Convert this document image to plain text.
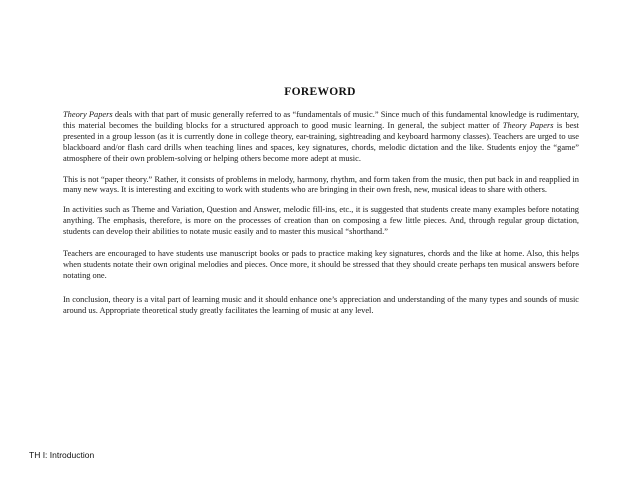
FOREWORD

Theory Papers deals with that part of music generally referred to as “fundamentals of music.” Since much of this fundamental knowledge is rudimentary, this material becomes the building blocks for a structured approach to good music learning. In general, the subject matter of Theory Papers is best presented in a group lesson (as it is currently done in college theory, ear-training, sightreading and keyboard harmony classes). Teachers are urged to use blackboard and/or flash card drills when teaching lines and spaces, key signatures, chords, melodic dictation and the like. Students enjoy the “game” atmosphere of their own problem-solving or helping others become more adept at music.

This is not “paper theory.” Rather, it consists of problems in melody, harmony, rhythm, and form taken from the music, then put back in and reapplied in many new ways. It is interesting and exciting to work with students who are bringing in their own fresh, new, musical ideas to share with others.

In activities such as Theme and Variation, Question and Answer, melodic fill-ins, etc., it is suggested that students create many examples before notating anything. The emphasis, therefore, is more on the processes of creation than on composing a few little pieces. And, through regular group dictation, students can develop their abilities to notate music easily and to master this musical “shorthand.”

Teachers are encouraged to have students use manuscript books or pads to practice making key signatures, chords and the like at home. Also, this helps when students notate their own original melodies and pieces. Once more, it should be stressed that they should create perhaps ten musical answers before notating one.

In conclusion, theory is a vital part of learning music and it should enhance one’s appreciation and understanding of the many types and sounds of music around us. Appropriate theoretical study greatly facilitates the learning of music at any level.

TH I: Introduction
